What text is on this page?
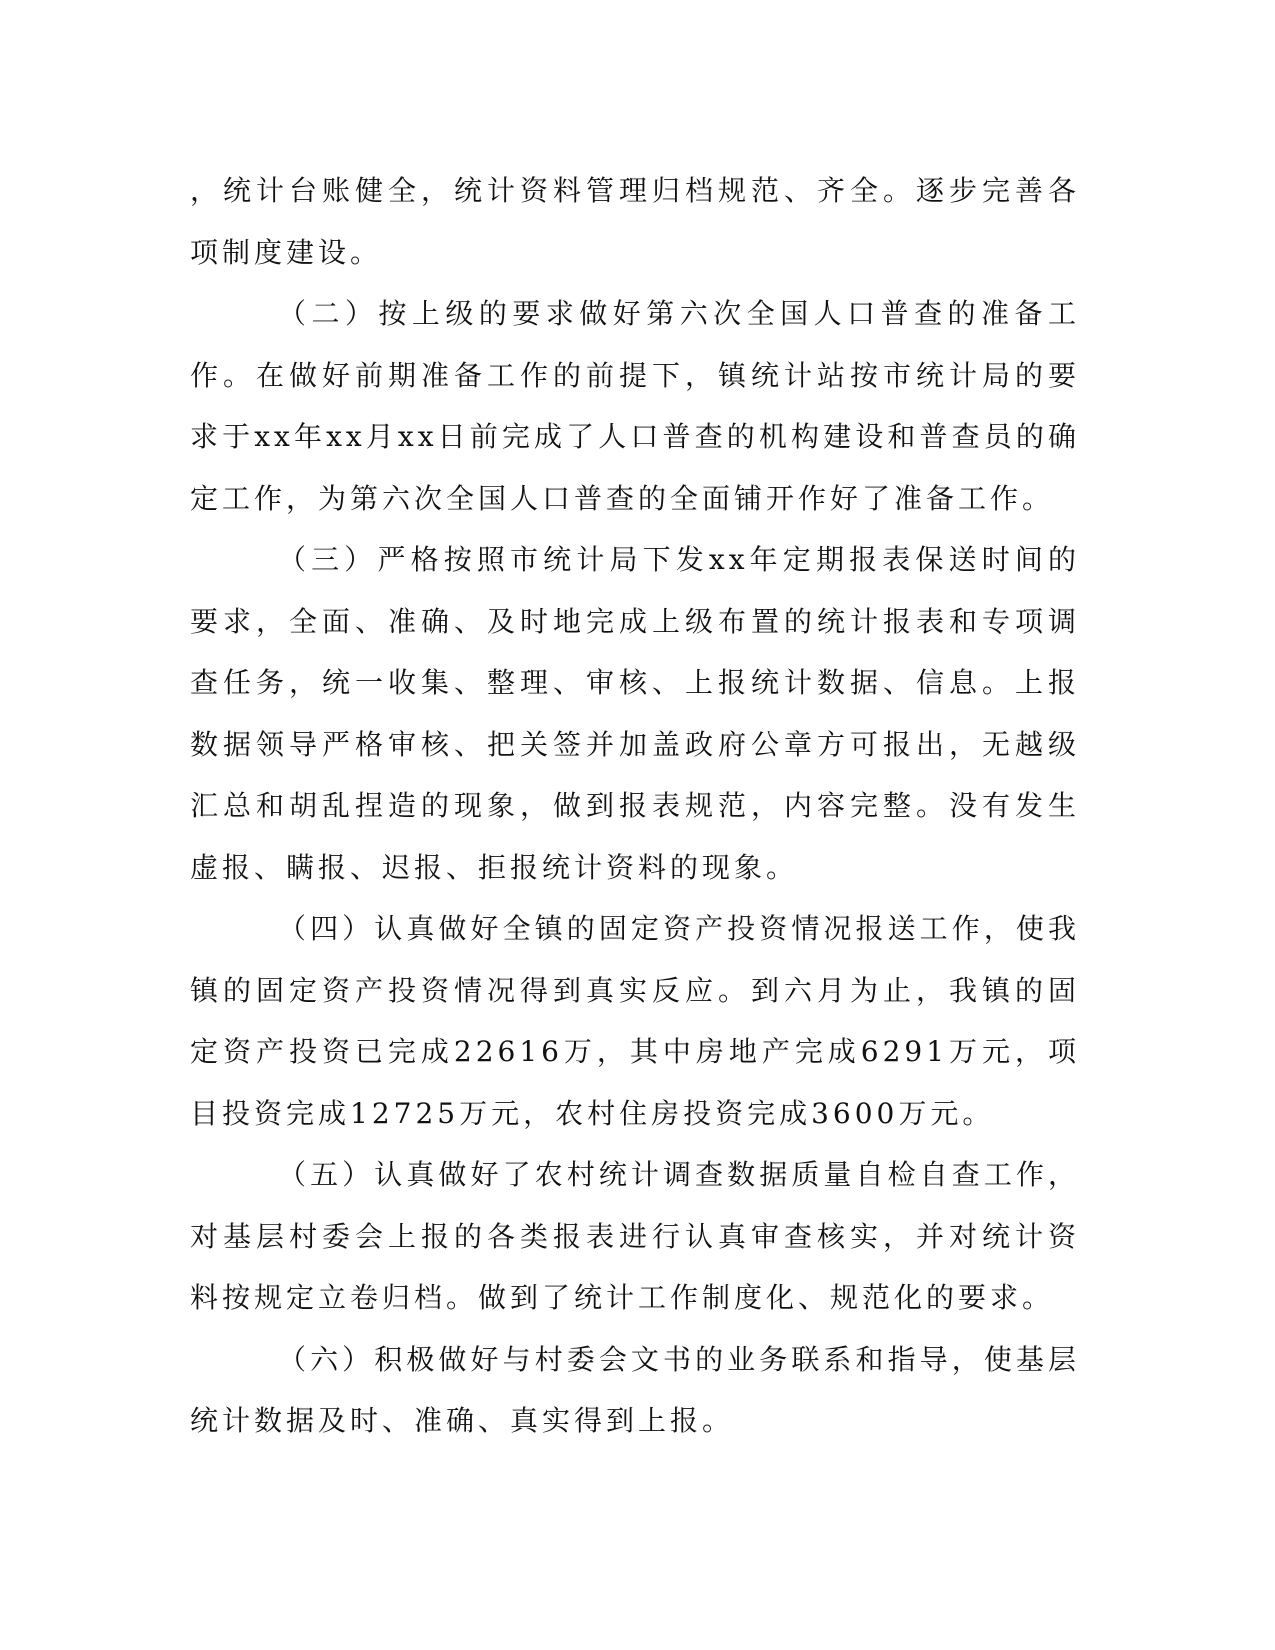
，统计台账健全，统计资料管理归档规范、齐全。逐步完善各项制度建设。

（二）按上级的要求做好第六次全国人口普查的准备工作。在做好前期准备工作的前提下，镇统计站按市统计局的要求于xx年xx月xx日前完成了人口普查的机构建设和普查员的确定工作，为第六次全国人口普查的全面铺开作好了准备工作。

（三）严格按照市统计局下发xx年定期报表保送时间的要求，全面、准确、及时地完成上级布置的统计报表和专项调查任务，统一收集、整理、审核、上报统计数据、信息。上报数据领导严格审核、把关签并加盖政府公章方可报出，无越级汇总和胡乱捏造的现象，做到报表规范，内容完整。没有发生虚报、瞒报、迟报、拒报统计资料的现象。

（四）认真做好全镇的固定资产投资情况报送工作，使我镇的固定资产投资情况得到真实反应。到六月为止，我镇的固定资产投资已完成22616万，其中房地产完成6291万元，项目投资完成12725万元，农村住房投资完成3600万元。

（五）认真做好了农村统计调查数据质量自检自查工作，对基层村委会上报的各类报表进行认真审查核实，并对统计资料按规定立卷归档。做到了统计工作制度化、规范化的要求。

（六）积极做好与村委会文书的业务联系和指导，使基层统计数据及时、准确、真实得到上报。
